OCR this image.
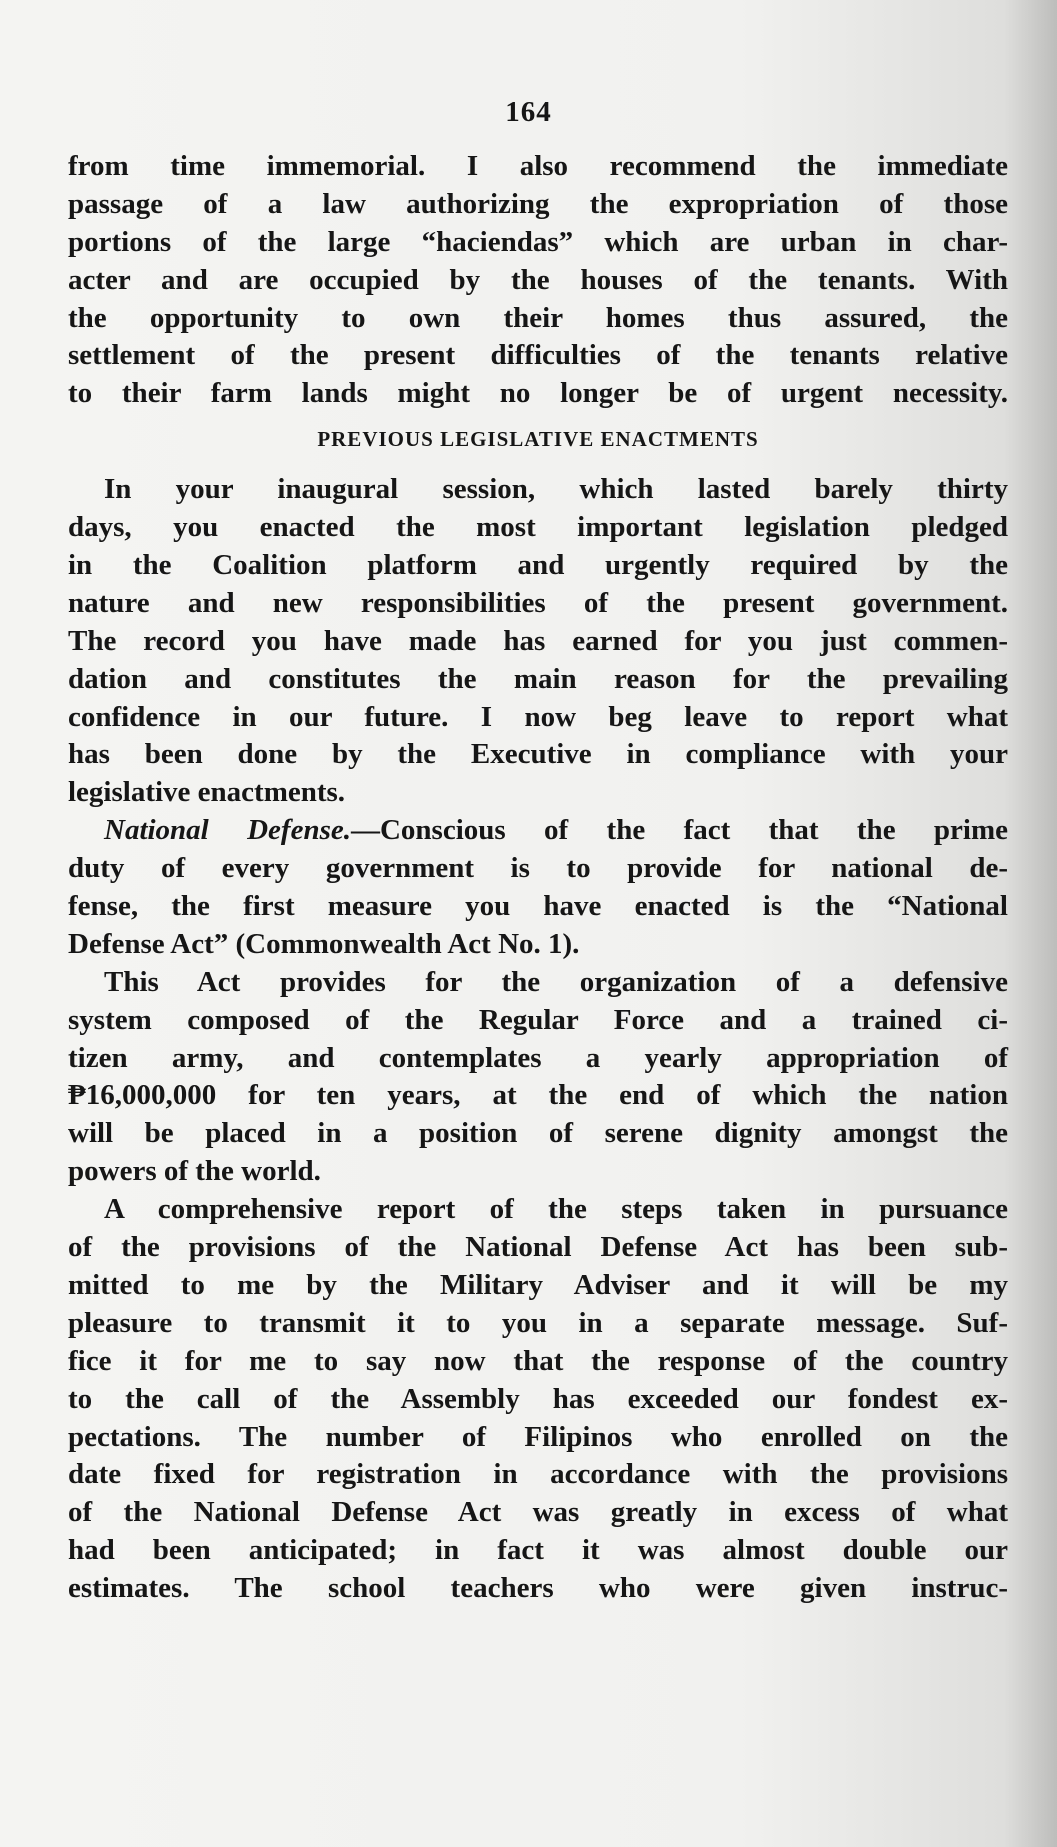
164
from time immemorial. I also recommend the immediate
passage of a law authorizing the expropriation of those
portions of the large “haciendas” which are urban in char-
acter and are occupied by the houses of the tenants. With
the opportunity to own their homes thus assured, the
settlement of the present difficulties of the tenants relative
to their farm lands might no longer be of urgent necessity.
PREVIOUS LEGISLATIVE ENACTMENTS
In your inaugural session, which lasted barely thirty
days, you enacted the most important legislation pledged
in the Coalition platform and urgently required by the
nature and new responsibilities of the present government.
The record you have made has earned for you just commen-
dation and constitutes the main reason for the prevailing
confidence in our future. I now beg leave to report what
has been done by the Executive in compliance with your
legislative enactments.
National Defense.—Conscious of the fact that the prime
duty of every government is to provide for national de-
fense, the first measure you have enacted is the “National
Defense Act” (Commonwealth Act No. 1).
This Act provides for the organization of a defensive
system composed of the Regular Force and a trained ci-
tizen army, and contemplates a yearly appropriation of
₱16,000,000 for ten years, at the end of which the nation
will be placed in a position of serene dignity amongst the
powers of the world.
A comprehensive report of the steps taken in pursuance
of the provisions of the National Defense Act has been sub-
mitted to me by the Military Adviser and it will be my
pleasure to transmit it to you in a separate message. Suf-
fice it for me to say now that the response of the country
to the call of the Assembly has exceeded our fondest ex-
pectations. The number of Filipinos who enrolled on the
date fixed for registration in accordance with the provisions
of the National Defense Act was greatly in excess of what
had been anticipated; in fact it was almost double our
estimates. The school teachers who were given instruc-
